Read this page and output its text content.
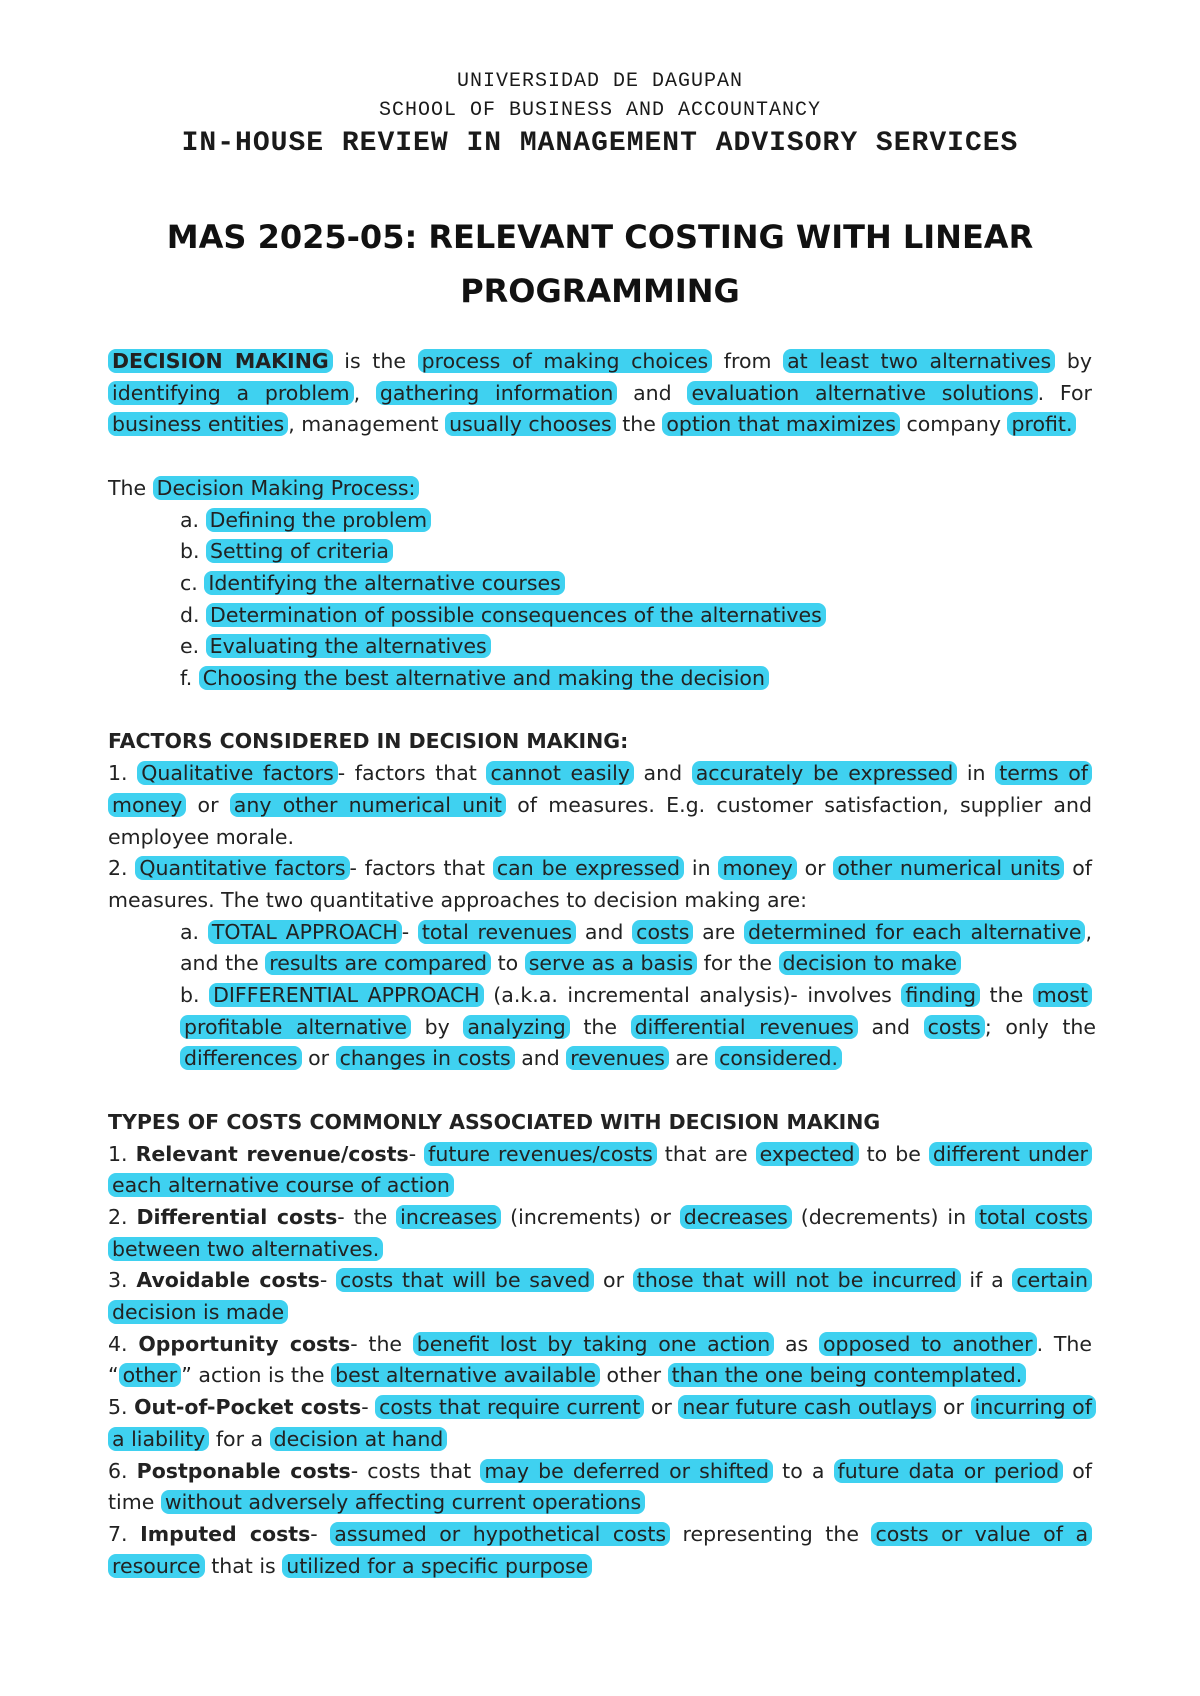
UNIVERSIDAD DE DAGUPAN
SCHOOL OF BUSINESS AND ACCOUNTANCY
IN-HOUSE REVIEW IN MANAGEMENT ADVISORY SERVICES
MAS 2025-05: RELEVANT COSTING WITH LINEAR PROGRAMMING

DECISION MAKING is the process of making choices from at least two alternatives by identifying a problem , gathering information and evaluation alternative solutions . For business entities , management usually chooses the option that maximizes company profit.

The Decision Making Process:

a. Defining the problem

b. Setting of criteria

c. Identifying the alternative courses

d. Determination of possible consequences of the alternatives

e. Evaluating the alternatives

f. Choosing the best alternative and making the decision

FACTORS CONSIDERED IN DECISION MAKING:

1. Qualitative factors - factors that cannot easily and accurately be expressed in terms of money or any other numerical unit of measures. E.g. customer satisfaction, supplier and employee morale.

2. Quantitative factors - factors that can be expressed in money or other numerical units of measures. The two quantitative approaches to decision making are:

a. TOTAL APPROACH - total revenues and costs are determined for each alternative , and the results are compared to serve as a basis for the decision to make

b. DIFFERENTIAL APPROACH (a.k.a. incremental analysis)- involves finding the most profitable alternative by analyzing the differential revenues and costs ; only the differences or changes in costs and revenues are considered.

TYPES OF COSTS COMMONLY ASSOCIATED WITH DECISION MAKING

1. Relevant revenue/costs- future revenues/costs that are expected to be different under each alternative course of action

2. Differential costs- the increases (increments) or decreases (decrements) in total costs between two alternatives.

3. Avoidable costs- costs that will be saved or those that will not be incurred if a certain decision is made

4. Opportunity costs- the benefit lost by taking one action as opposed to another . The “ other ” action is the best alternative available other than the one being contemplated.

5. Out-of-Pocket costs- costs that require current or near future cash outlays or incurring of a liability for a decision at hand

6. Postponable costs- costs that may be deferred or shifted to a future data or period of time without adversely affecting current operations

7. Imputed costs- assumed or hypothetical costs representing the costs or value of a resource that is utilized for a specific purpose
